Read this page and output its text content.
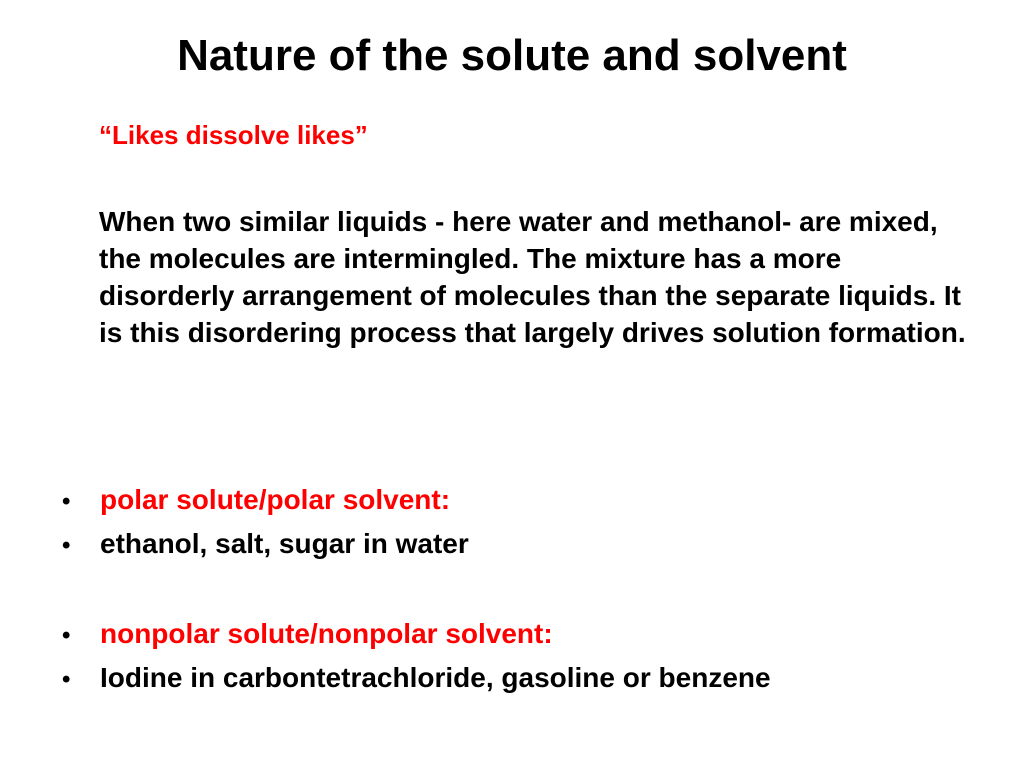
Nature of the solute and solvent

“Likes dissolve likes”

When two similar liquids - here water and methanol- are mixed, the molecules are intermingled. The mixture has a more disorderly arrangement of molecules than the separate liquids. It is this disordering process that largely drives solution formation.

• polar solute/polar solvent:
• ethanol, salt, sugar in water
• nonpolar solute/nonpolar solvent:
• Iodine in carbontetrachloride, gasoline or benzene
